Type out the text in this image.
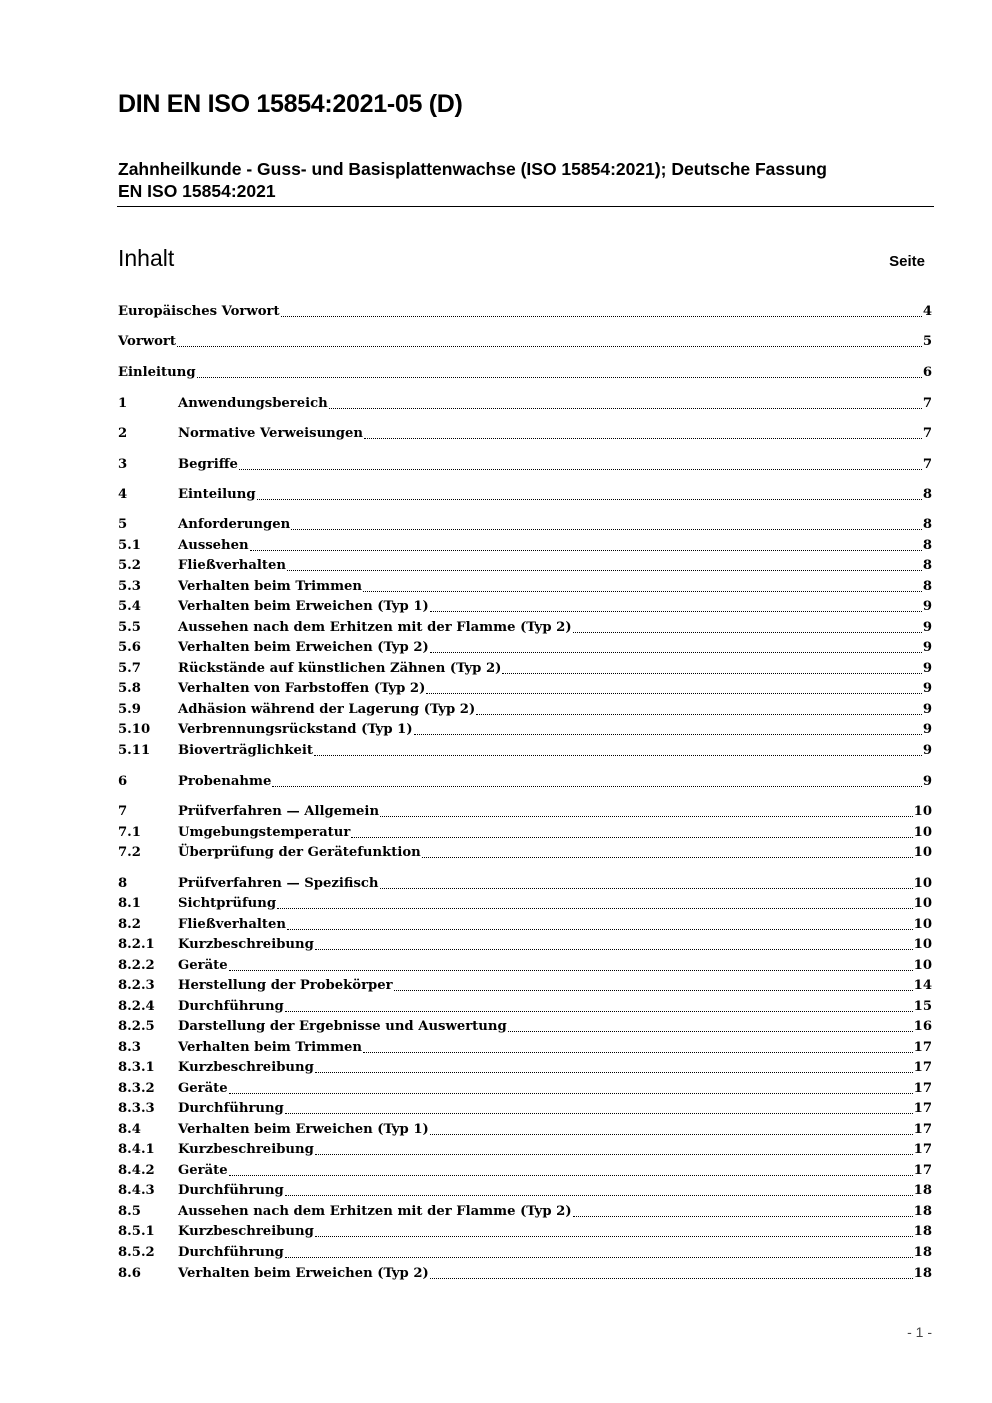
DIN EN ISO 15854:2021-05 (D)
Zahnheilkunde - Guss- und Basisplattenwachse (ISO 15854:2021); Deutsche Fassung
EN ISO 15854:2021
Inhalt	Seite
Europäisches Vorwort	4
Vorwort	5
Einleitung	6
1	Anwendungsbereich	7
2	Normative Verweisungen	7
3	Begriffe	7
4	Einteilung	8
5	Anforderungen	8
5.1	Aussehen	8
5.2	Fließverhalten	8
5.3	Verhalten beim Trimmen	8
5.4	Verhalten beim Erweichen (Typ 1)	9
5.5	Aussehen nach dem Erhitzen mit der Flamme (Typ 2)	9
5.6	Verhalten beim Erweichen (Typ 2)	9
5.7	Rückstände auf künstlichen Zähnen (Typ 2)	9
5.8	Verhalten von Farbstoffen (Typ 2)	9
5.9	Adhäsion während der Lagerung (Typ 2)	9
5.10	Verbrennungsrückstand (Typ 1)	9
5.11	Bioverträglichkeit	9
6	Probenahme	9
7	Prüfverfahren — Allgemein	10
7.1	Umgebungstemperatur	10
7.2	Überprüfung der Gerätefunktion	10
8	Prüfverfahren — Spezifisch	10
8.1	Sichtprüfung	10
8.2	Fließverhalten	10
8.2.1	Kurzbeschreibung	10
8.2.2	Geräte	10
8.2.3	Herstellung der Probekörper	14
8.2.4	Durchführung	15
8.2.5	Darstellung der Ergebnisse und Auswertung	16
8.3	Verhalten beim Trimmen	17
8.3.1	Kurzbeschreibung	17
8.3.2	Geräte	17
8.3.3	Durchführung	17
8.4	Verhalten beim Erweichen (Typ 1)	17
8.4.1	Kurzbeschreibung	17
8.4.2	Geräte	17
8.4.3	Durchführung	18
8.5	Aussehen nach dem Erhitzen mit der Flamme (Typ 2)	18
8.5.1	Kurzbeschreibung	18
8.5.2	Durchführung	18
8.6	Verhalten beim Erweichen (Typ 2)	18
- 1 -
